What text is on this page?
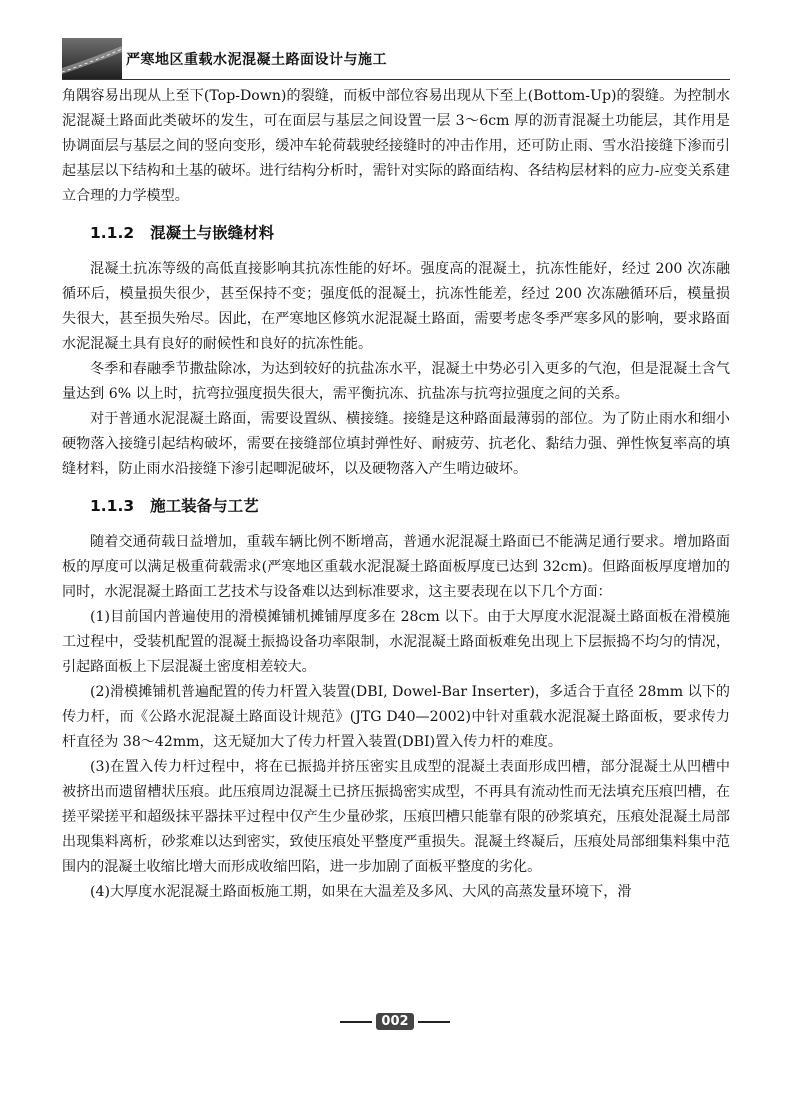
严寒地区重载水泥混凝土路面设计与施工

角隅容易出现从上至下(Top-Down)的裂缝，而板中部位容易出现从下至上(Bottom-Up)的裂缝。为控制水泥混凝土路面此类破坏的发生，可在面层与基层之间设置一层 3～6cm 厚的沥青混凝土功能层，其作用是协调面层与基层之间的竖向变形，缓冲车轮荷载驶经接缝时的冲击作用，还可防止雨、雪水沿接缝下渗而引起基层以下结构和土基的破坏。进行结构分析时，需针对实际的路面结构、各结构层材料的应力-应变关系建立合理的力学模型。

1.1.2 混凝土与嵌缝材料

混凝土抗冻等级的高低直接影响其抗冻性能的好坏。强度高的混凝土，抗冻性能好，经过 200 次冻融循环后，模量损失很少，甚至保持不变；强度低的混凝土，抗冻性能差，经过 200 次冻融循环后，模量损失很大，甚至损失殆尽。因此，在严寒地区修筑水泥混凝土路面，需要考虑冬季严寒多风的影响，要求路面水泥混凝土具有良好的耐候性和良好的抗冻性能。

冬季和春融季节撒盐除冰，为达到较好的抗盐冻水平，混凝土中势必引入更多的气泡，但是混凝土含气量达到 6% 以上时，抗弯拉强度损失很大，需平衡抗冻、抗盐冻与抗弯拉强度之间的关系。

对于普通水泥混凝土路面，需要设置纵、横接缝。接缝是这种路面最薄弱的部位。为了防止雨水和细小硬物落入接缝引起结构破坏，需要在接缝部位填封弹性好、耐疲劳、抗老化、黏结力强、弹性恢复率高的填缝材料，防止雨水沿接缝下渗引起唧泥破坏，以及硬物落入产生啃边破坏。

1.1.3 施工装备与工艺

随着交通荷载日益增加，重载车辆比例不断增高，普通水泥混凝土路面已不能满足通行要求。增加路面板的厚度可以满足极重荷载需求(严寒地区重载水泥混凝土路面板厚度已达到 32cm)。但路面板厚度增加的同时，水泥混凝土路面工艺技术与设备难以达到标准要求，这主要表现在以下几个方面：

(1)目前国内普遍使用的滑模摊铺机摊铺厚度多在 28cm 以下。由于大厚度水泥混凝土路面板在滑模施工过程中，受装机配置的混凝土振捣设备功率限制，水泥混凝土路面板难免出现上下层振捣不均匀的情况，引起路面板上下层混凝土密度相差较大。

(2)滑模摊铺机普遍配置的传力杆置入装置(DBI, Dowel-Bar Inserter)，多适合于直径 28mm 以下的传力杆，而《公路水泥混凝土路面设计规范》(JTG D40—2002)中针对重载水泥混凝土路面板，要求传力杆直径为 38～42mm，这无疑加大了传力杆置入装置(DBI)置入传力杆的难度。

(3)在置入传力杆过程中，将在已振捣并挤压密实且成型的混凝土表面形成凹槽，部分混凝土从凹槽中被挤出而遗留槽状压痕。此压痕周边混凝土已挤压振捣密实成型，不再具有流动性而无法填充压痕凹槽，在搓平梁搓平和超级抹平器抹平过程中仅产生少量砂浆，压痕凹槽只能靠有限的砂浆填充，压痕处混凝土局部出现集料离析，砂浆难以达到密实，致使压痕处平整度严重损失。混凝土终凝后，压痕处局部细集料集中范围内的混凝土收缩比增大而形成收缩凹陷，进一步加剧了面板平整度的劣化。

(4)大厚度水泥混凝土路面板施工期，如果在大温差及多风、大风的高蒸发量环境下，滑

002
